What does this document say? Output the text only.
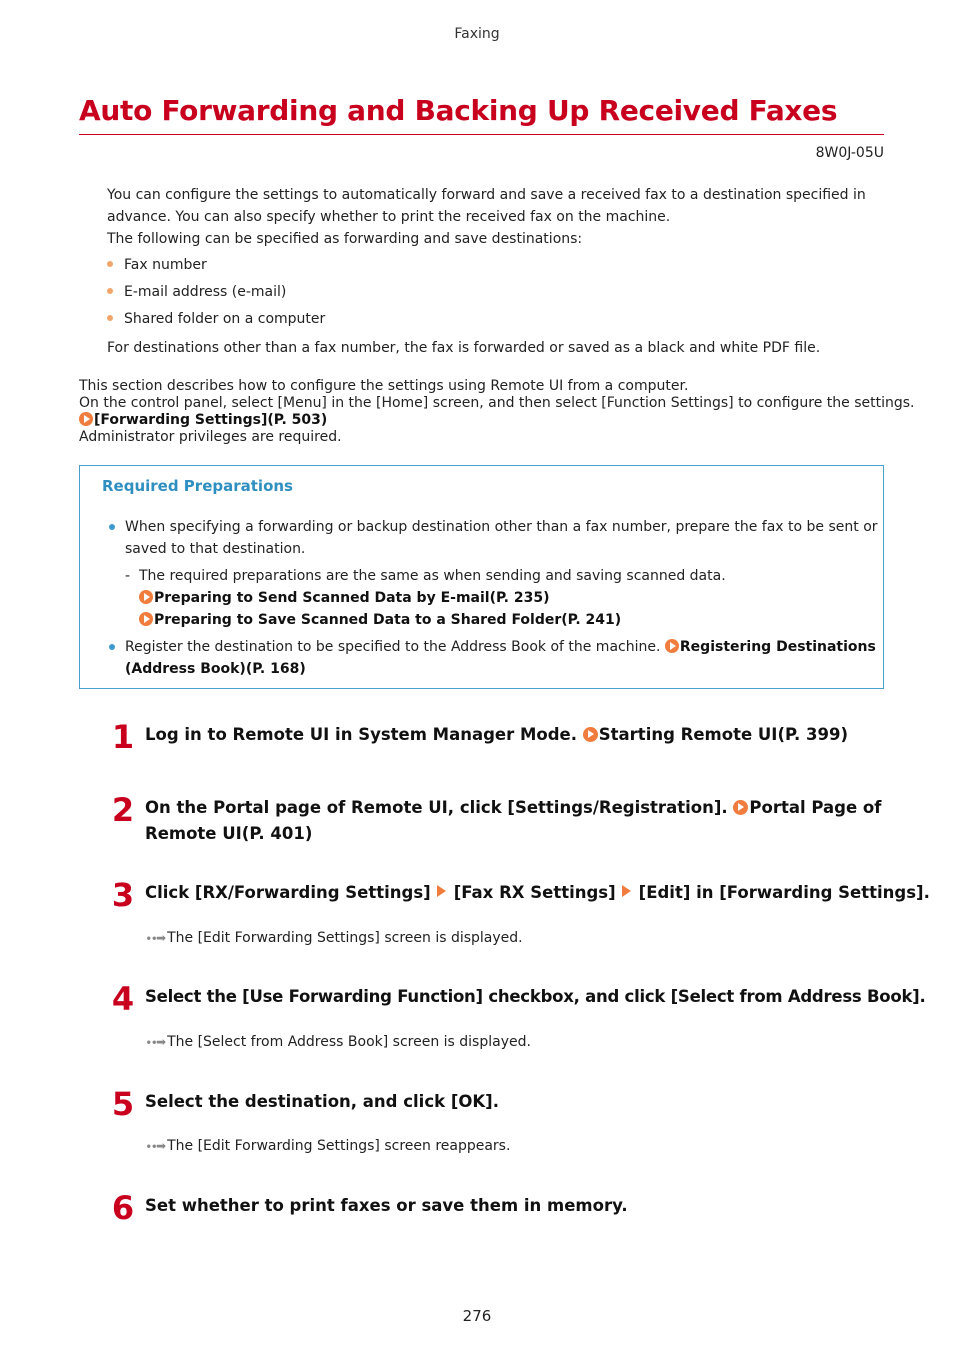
Faxing
Auto Forwarding and Backing Up Received Faxes
8W0J-05U
You can configure the settings to automatically forward and save a received fax to a destination specified in
advance. You can also specify whether to print the received fax on the machine.
The following can be specified as forwarding and save destinations:
Fax number
E-mail address (e-mail)
Shared folder on a computer
For destinations other than a fax number, the fax is forwarded or saved as a black and white PDF file.
This section describes how to configure the settings using Remote UI from a computer.
On the control panel, select [Menu] in the [Home] screen, and then select [Function Settings] to configure the settings.
[Forwarding Settings](P. 503)
Administrator privileges are required.
Required Preparations
When specifying a forwarding or backup destination other than a fax number, prepare the fax to be sent or
saved to that destination.
- The required preparations are the same as when sending and saving scanned data.
Preparing to Send Scanned Data by E-mail(P. 235)
Preparing to Save Scanned Data to a Shared Folder(P. 241)
Register the destination to be specified to the Address Book of the machine. Registering Destinations
(Address Book)(P. 168)
1 Log in to Remote UI in System Manager Mode. Starting Remote UI(P. 399)
2 On the Portal page of Remote UI, click [Settings/Registration]. Portal Page of
Remote UI(P. 401)
3 Click [RX/Forwarding Settings] [Fax RX Settings] [Edit] in [Forwarding Settings].
∙∙➡ The [Edit Forwarding Settings] screen is displayed.
4 Select the [Use Forwarding Function] checkbox, and click [Select from Address Book].
∙∙➡ The [Select from Address Book] screen is displayed.
5 Select the destination, and click [OK].
∙∙➡ The [Edit Forwarding Settings] screen reappears.
6 Set whether to print faxes or save them in memory.
276
